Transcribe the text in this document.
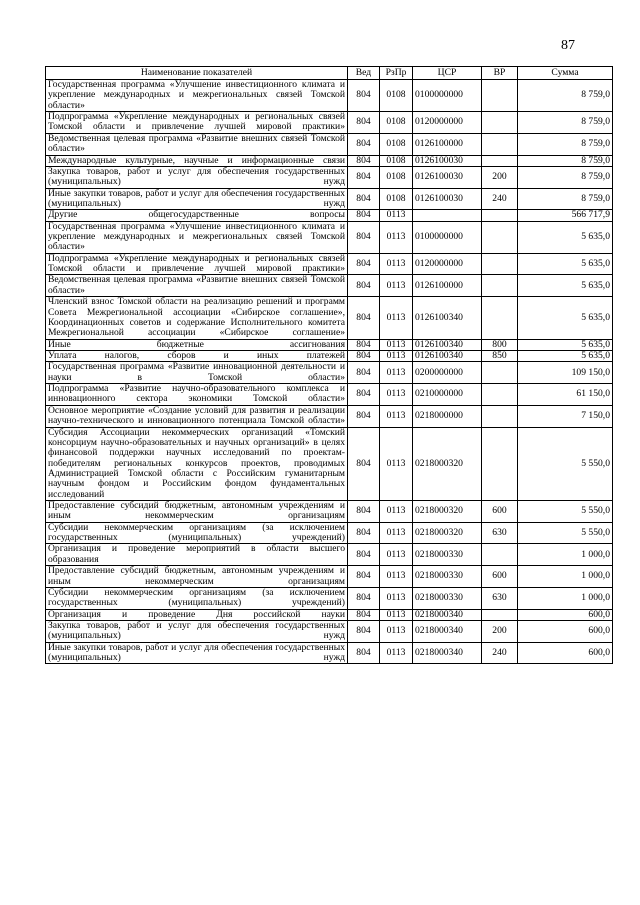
87
Наименование показателей	Вед	РзПр	ЦСР	ВР	Сумма
Государственная программа «Улучшение инвестиционного климата и укрепление международных и межрегиональных связей Томской области»	804	0108	0100000000		8 759,0
Подпрограмма «Укрепление международных и региональных связей Томской области и привлечение лучшей мировой практики»	804	0108	0120000000		8 759,0
Ведомственная целевая программа «Развитие внешних связей Томской области»	804	0108	0126100000		8 759,0
Международные культурные, научные и информационные связи	804	0108	0126100030		8 759,0
Закупка товаров, работ и услуг для обеспечения государственных (муниципальных) нужд	804	0108	0126100030	200	8 759,0
Иные закупки товаров, работ и услуг для обеспечения государственных (муниципальных) нужд	804	0108	0126100030	240	8 759,0
Другие общегосударственные вопросы	804	0113			566 717,9
Государственная программа «Улучшение инвестиционного климата и укрепление международных и межрегиональных связей Томской области»	804	0113	0100000000		5 635,0
Подпрограмма «Укрепление международных и региональных связей Томской области и привлечение лучшей мировой практики»	804	0113	0120000000		5 635,0
Ведомственная целевая программа «Развитие внешних связей Томской области»	804	0113	0126100000		5 635,0
Членский взнос Томской области на реализацию решений и программ Совета Межрегиональной ассоциации «Сибирское соглашение», Координационных советов и содержание Исполнительного комитета Межрегиональной ассоциации «Сибирское соглашение»	804	0113	0126100340		5 635,0
Иные бюджетные ассигнования	804	0113	0126100340	800	5 635,0
Уплата налогов, сборов и иных платежей	804	0113	0126100340	850	5 635,0
Государственная программа «Развитие инновационной деятельности и науки в Томской области»	804	0113	0200000000		109 150,0
Подпрограмма «Развитие научно-образовательного комплекса и инновационного сектора экономики Томской области»	804	0113	0210000000		61 150,0
Основное мероприятие «Создание условий для развития и реализации научно-технического и инновационного потенциала Томской области»	804	0113	0218000000		7 150,0
Субсидия Ассоциации некоммерческих организаций «Томский консорциум научно-образовательных и научных организаций» в целях финансовой поддержки научных исследований по проектам-победителям региональных конкурсов проектов, проводимых Администрацией Томской области с Российским гуманитарным научным фондом и Российским фондом фундаментальных исследований	804	0113	0218000320		5 550,0
Предоставление субсидий бюджетным, автономным учреждениям и иным некоммерческим организациям	804	0113	0218000320	600	5 550,0
Субсидии некоммерческим организациям (за исключением государственных (муниципальных) учреждений)	804	0113	0218000320	630	5 550,0
Организация и проведение мероприятий в области высшего образования	804	0113	0218000330		1 000,0
Предоставление субсидий бюджетным, автономным учреждениям и иным некоммерческим организациям	804	0113	0218000330	600	1 000,0
Субсидии некоммерческим организациям (за исключением государственных (муниципальных) учреждений)	804	0113	0218000330	630	1 000,0
Организация и проведение Дня российской науки	804	0113	0218000340		600,0
Закупка товаров, работ и услуг для обеспечения государственных (муниципальных) нужд	804	0113	0218000340	200	600,0
Иные закупки товаров, работ и услуг для обеспечения государственных (муниципальных) нужд	804	0113	0218000340	240	600,0
